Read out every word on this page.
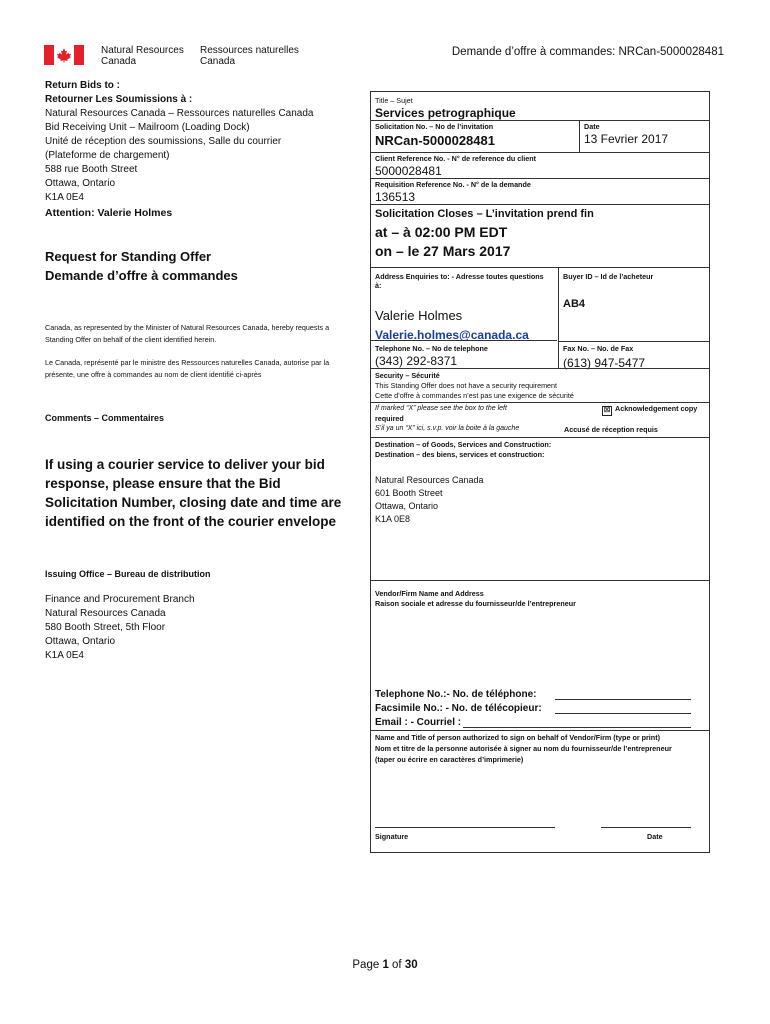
Natural Resources
Canada
Ressources naturelles
Canada
Demande d’offre à commandes: NRCan-5000028481
Return Bids to :
Retourner Les Soumissions à :
Natural Resources Canada – Ressources naturelles Canada
Bid Receiving Unit – Mailroom (Loading Dock)
Unité de réception des soumissions, Salle du courrier
(Plateforme de chargement)
588 rue Booth Street
Ottawa, Ontario
K1A 0E4
Attention: Valerie Holmes
Request for Standing Offer
Demande d’offre à commandes
Canada, as represented by the Minister of Natural Resources Canada, hereby requests a Standing Offer on behalf of the client identified herein.
Le Canada, représenté par le ministre des Ressources naturelles Canada, autorise par la présente, une offre à commandes au nom de client identifié ci-après
Comments – Commentaires
If using a courier service to deliver your bid response, please ensure that the Bid Solicitation Number, closing date and time are identified on the front of the courier envelope
Issuing Office – Bureau de distribution
Finance and Procurement Branch
Natural Resources Canada
580 Booth Street, 5th Floor
Ottawa, Ontario
K1A 0E4
Title – Sujet
Services petrographique
Solicitation No. – No de l’invitation
NRCan-5000028481
Date
13 Fevrier 2017
Client Reference No. - N° de reference du client
5000028481
Requisition Reference No. - N° de la demande
136513
Solicitation Closes – L’invitation prend fin
at – à 02:00 PM EDT
on – le 27 Mars 2017
Address Enquiries to: - Adresse toutes questions à:
Buyer ID – Id de l’acheteur
AB4
Valerie Holmes
Valerie.holmes@canada.ca
Telephone No. – No de telephone
(343) 292-8371
Fax No. – No. de Fax
(613) 947-5477
Security – Sécurité
This Standing Offer does not have a security requirement
Cette d’offre à commandes n’est pas une exigence de sécurité
If marked “X” please see the box to the left
required
S’il ya un “X” ici, s.v.p. voir la boite à la gauche
☒ Acknowledgement copy
Accusé de réception requis
Destination – of Goods, Services and Construction:
Destination – des biens, services et construction:
Natural Resources Canada
601 Booth Street
Ottawa, Ontario
K1A 0E8
Vendor/Firm Name and Address
Raison sociale et adresse du fournisseur/de l’entrepreneur
Telephone No.:- No. de téléphone:
Facsimile No.: - No. de télécopieur:
Email : - Courriel :
Name and Title of person authorized to sign on behalf of Vendor/Firm (type or print)
Nom et titre de la personne autorisée à signer au nom du fournisseur/de l’entrepreneur
(taper ou écrire en caractères d’imprimerie)
Signature	Date
Page 1 of 30
